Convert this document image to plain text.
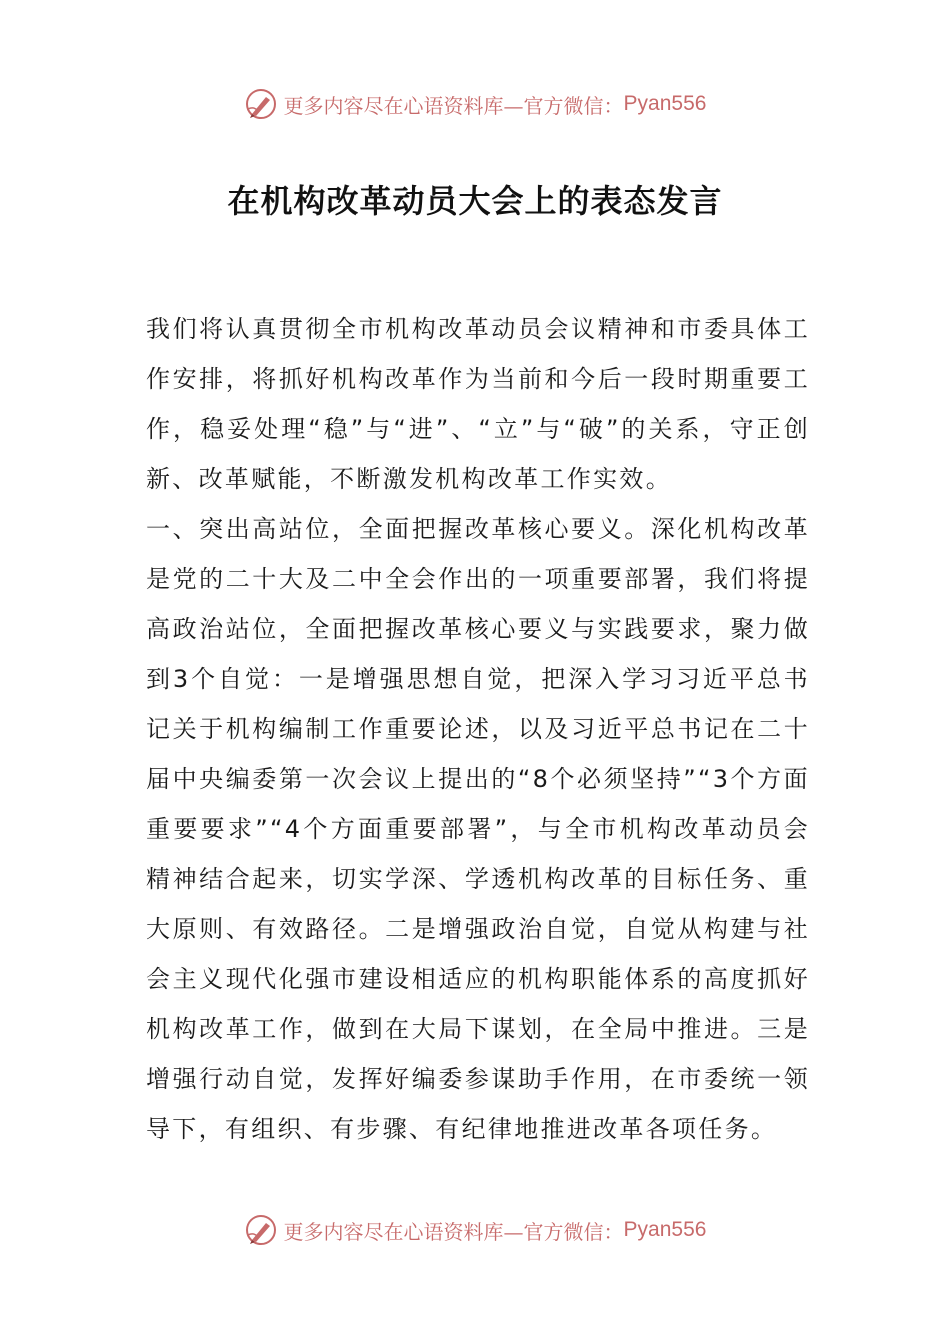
更多内容尽在心语资料库—官方微信： Pyan556
在机构改革动员大会上的表态发言

我们将认真贯彻全市机构改革动员会议精神和市委具体工作安排，将抓好机构改革作为当前和今后一段时期重要工作，稳妥处理“稳”与“进”、“立”与“破”的关系，守正创新、改革赋能，不断激发机构改革工作实效。

一、突出高站位，全面把握改革核心要义。深化机构改革是党的二十大及二中全会作出的一项重要部署，我们将提高政治站位，全面把握改革核心要义与实践要求，聚力做到3个自觉：一是增强思想自觉，把深入学习习近平总书记关于机构编制工作重要论述，以及习近平总书记在二十届中央编委第一次会议上提出的“8个必须坚持”“3个方面重要要求”“4个方面重要部署”，与全市机构改革动员会精神结合起来，切实学深、学透机构改革的目标任务、重大原则、有效路径。二是增强政治自觉，自觉从构建与社会主义现代化强市建设相适应的机构职能体系的高度抓好机构改革工作，做到在大局下谋划，在全局中推进。三是增强行动自觉，发挥好编委参谋助手作用，在市委统一领导下，有组织、有步骤、有纪律地推进改革各项任务。

更多内容尽在心语资料库—官方微信： Pyan556
